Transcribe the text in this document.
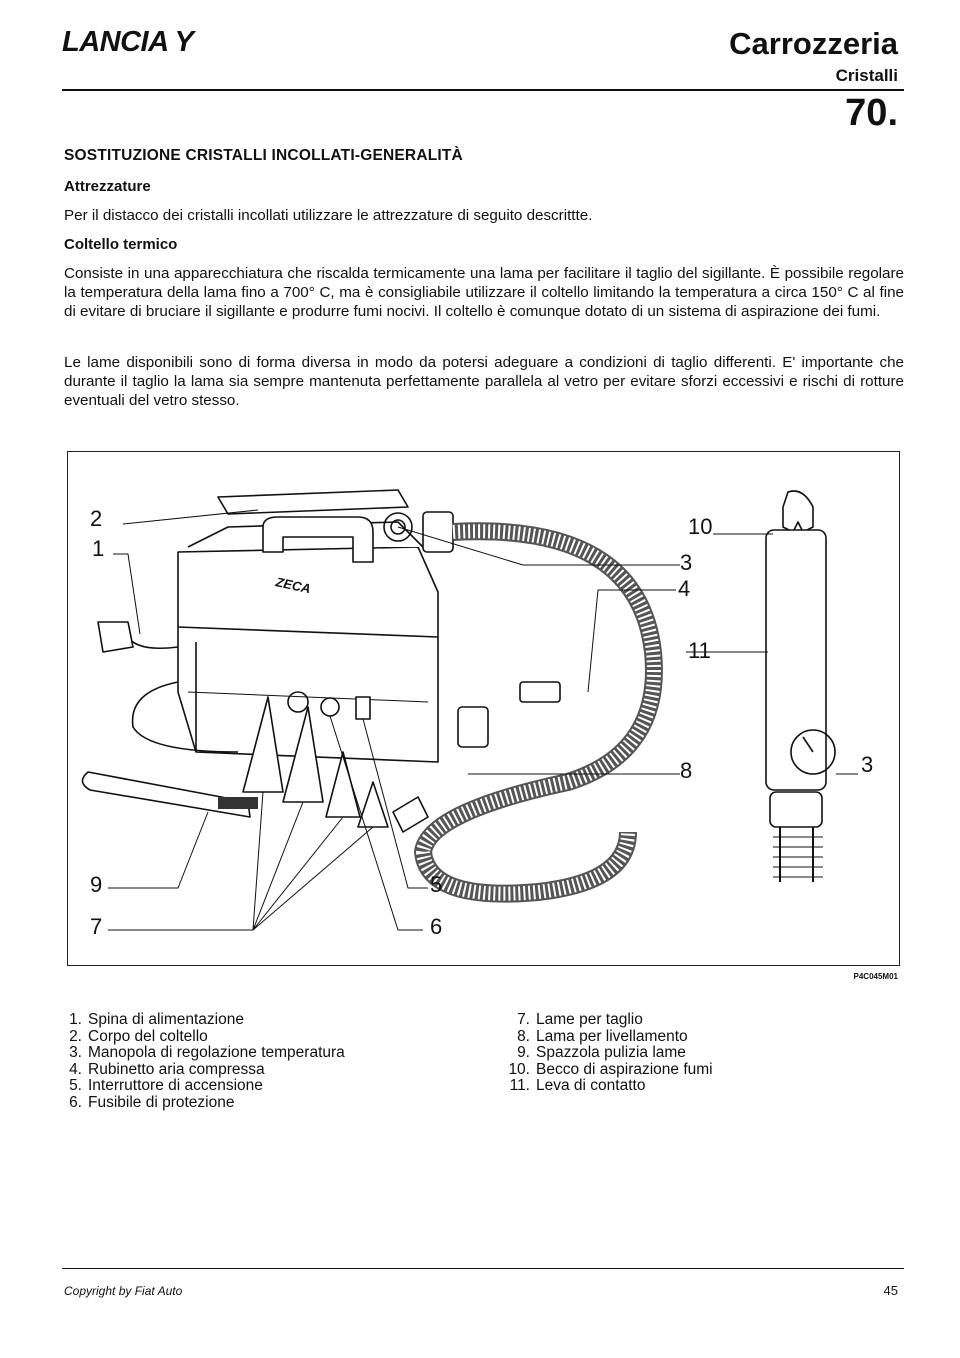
LANCIA Y	Carrozzeria
Cristalli
70.
SOSTITUZIONE CRISTALLI INCOLLATI-GENERALITÀ
Attrezzature
Per il distacco dei cristalli incollati utilizzare le attrezzature di seguito descrittte.
Coltello termico
Consiste in una apparecchiatura che riscalda termicamente una lama per facilitare il taglio del sigillante. È possibile regolare la temperatura della lama fino a 700° C, ma è consigliabile utilizzare il coltello limitando la temperatura a circa 150° C al fine di evitare di bruciare il sigillante e produrre fumi nocivi. Il coltello è comunque dotato di un sistema di aspirazione dei fumi.
Le lame disponibili sono di forma diversa in modo da potersi adeguare a condizioni di taglio differenti. E' importante che durante il taglio la lama sia sempre mantenuta perfettamente parallela al vetro per evitare sforzi eccessivi e rischi di rotture eventuali del vetro stesso.
ZECA
2
1
10
3
4
11
8	3
9
7
5
6
P4C045M01
1. Spina di alimentazione
2. Corpo del coltello
3. Manopola di regolazione temperatura
4. Rubinetto aria compressa
5. Interruttore di accensione
6. Fusibile di protezione
7. Lame per taglio
8. Lama per livellamento
9. Spazzola pulizia lame
10. Becco di aspirazione fumi
11. Leva di contatto
Copyright by Fiat Auto	45
